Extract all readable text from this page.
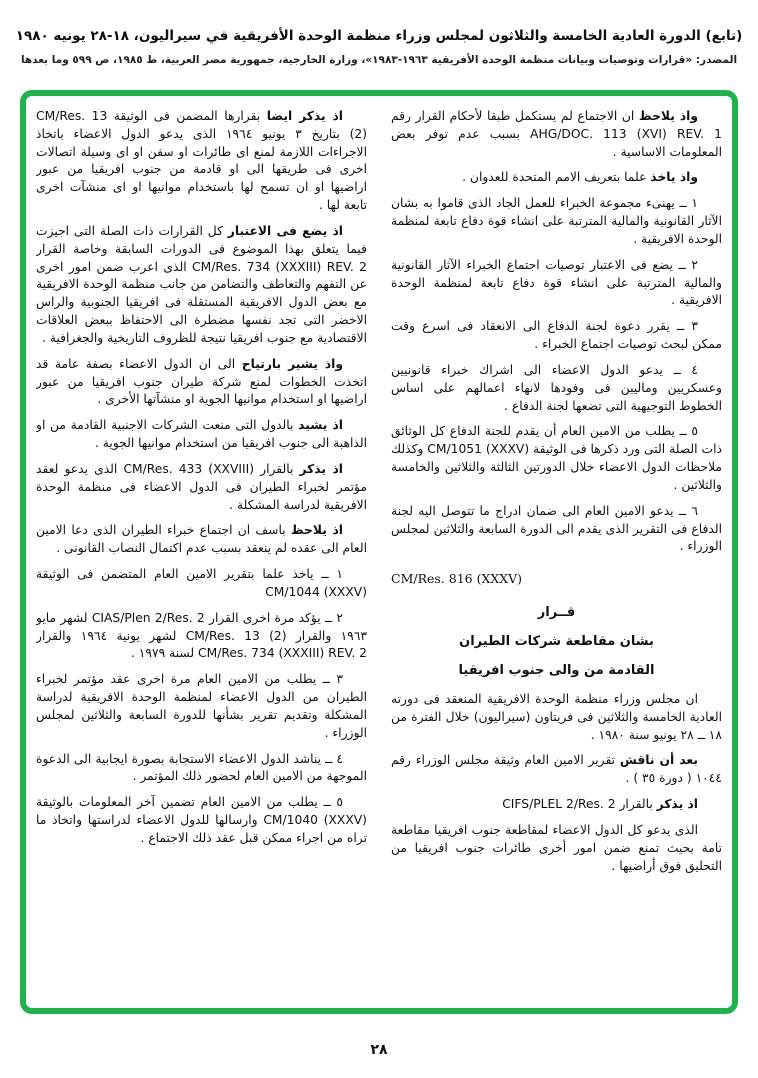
(تابع) الدورة العادية الخامسة والثلاثون لمجلس وزراء منظمة الوحدة الأفريقية في سيراليون، ١٨-٢٨ يونيه ١٩٨٠
المصدر: «قرارات وتوصيات وبيانات منظمة الوحدة الأفريقية ١٩٦٣-١٩٨٣»، وزارة الخارجية، جمهورية مصر العربية، ط ١٩٨٥، ص ٥٩٩ وما بعدها

واذ يلاحظ ان الاجتماع لم يستكمل طبقا لأحكام القرار رقم AHG/DOC. 113 (XVI) REV. 1 بسبب عدم توفر بعض المعلومات الاساسية .

واذ ياخذ علما بتعريف الامم المتحدة للعدوان .

١ ــ يهنىء مجموعة الخبراء للعمل الجاد الذى قاموا به بشان الآثار القانونية والمالية المترتبة على انشاء قوة دفاع تابعة لمنظمة الوحدة الافريقية .

٢ ــ يضع فى الاعتبار توصيات اجتماع الخبراء الآثار القانونية والمالية المترتبة على انشاء قوة دفاع تابعة لمنظمة الوحدة الافريقية .

٣ ــ يقرر دعوة لجنة الدفاع الى الانعقاد فى اسرع وقت ممكن لبحث توصيات اجتماع الخبراء .

٤ ــ يدعو الدول الاعضاء الى اشراك خبراء قانونيين وعسكريين وماليين فى وفودها لانهاء اعمالهم على اساس الخطوط التوجيهية التى تضعها لجنة الدفاع .

٥ ــ يطلب من الامين العام أن يقدم للجنة الدفاع كل الوثائق ذات الصلة التى ورد ذكرها فى الوثيقة CM/1051 (XXXV) وكذلك ملاحظات الدول الاعضاء خلال الدورتين الثالثة والثلاثين والخامسة والثلاثين .

٦ ــ يدعو الامين العام الى ضمان ادراج ما تتوصل اليه لجنة الدفاع فى التقرير الذى يقدم الى الدورة السابعة والثلاثين لمجلس الوزراء .

CM/Res. 816 (XXXV)

قــرار

بشان مقاطعة شركات الطيران

القادمة من والى جنوب افريقيا

ان مجلس وزراء منظمة الوحدة الافريقية المنعقد فى دورته العادية الخامسة والثلاثين فى فريتاون (سيراليون) خلال الفترة من ١٨ ــ ٢٨ يونيو سنة ١٩٨٠ .

بعد أن ناقش تقرير الامين العام وثيقة مجلس الوزراء رقم ١٠٤٤ ( دورة ٣٥ ) .

اذ يذكر بالقرار CIFS/PLEL 2/Res. 2

الذى يدعو كل الدول الاعضاء لمقاطعة جنوب افريقيا مقاطعة تامة بحيث تمنع ضمن امور أخرى طائرات جنوب افريقيا من التحليق فوق أراضيها .

اذ يذكر ايضا بقرارها المضمن فى الوثيقة CM/Res. 13 (2) بتاريخ ٣ يونيو ١٩٦٤ الذى يدعو الدول الاعضاء باتخاذ الاجراءات اللازمة لمنع اى طائرات او سفن او اى وسيلة اتصالات اخرى فى طريقها الى او قادمة من جنوب افريقيا من عبور اراضيها او ان تسمح لها باستخدام موانيها او اى منشآت اخرى تابعة لها .

اذ يضع فى الاعتبار كل القرارات ذات الصلة التى اجيزت فيما يتعلق بهذا الموضوع فى الدورات السابقة وخاصة القرار CM/Res. 734 (XXXIII) REV. 2 الذى اعرب ضمن امور اخرى عن التفهم والتعاطف والتضامن من جانب منظمة الوحدة الافريقية مع بعض الدول الافريقية المستقلة فى افريقيا الجنوبية والراس الاخضر التى تجد نفسها مضطرة الى الاحتفاظ ببعض العلاقات الاقتصادية مع جنوب افريقيا نتيجة للظروف التاريخية والجغرافية .

واذ يشير بارتياح الى ان الدول الاعضاء بصفة عامة قد اتخذت الخطوات لمنع شركة طيران جنوب افريقيا من عبور اراضيها او استخدام موانيها الجوية او منشآتها الأخرى .

اذ يشيد بالدول التى منعت الشركات الاجنبية القادمة من او الذاهبة الى جنوب افريقيا من استخدام موانيها الجوية .

اذ يذكر بالقرار CM/Res. 433 (XXVIII) الذى يدعو لعقد مؤتمر لخبراء الطيران فى الدول الاعضاء فى منظمة الوحدة الافريقية لدراسة المشكلة .

اذ يلاحظ باسف ان اجتماع خبراء الطيران الذى دعا الامين العام الى عقده لم ينعقد بسبب عدم اكتمال النصاب القانونى .

١ ــ ياخذ علما بتقرير الامين العام المتضمن فى الوثيقة CM/1044 (XXXV)

٢ ــ يؤكد مرة اخرى القرار CIAS/Plen 2/Res. 2 لشهر مايو ١٩٦٣ والقرار CM/Res. 13 (2) لشهر يونية ١٩٦٤ والقرار CM/Res. 734 (XXXIII) REV. 2 لسنة ١٩٧٩ .

٣ ــ يطلب من الامين العام مرة اخرى عقد مؤتمر لخبراء الطيران من الدول الاعضاء لمنظمة الوحدة الافريقية لدراسة المشكلة وتقديم تقرير بشأنها للدورة السابعة والثلاثين لمجلس الوزراء .

٤ ــ يناشد الدول الاعضاء الاستجابة بصورة ايجابية الى الدعوة الموجهة من الامين العام لحضور ذلك المؤتمر .

٥ ــ يطلب من الامين العام تضمين آخر المعلومات بالوثيقة CM/1040 (XXXV) وارسالها للدول الاعضاء لدراستها واتخاذ ما تراه من اجراء ممكن قبل عقد ذلك الاجتماع .

٢٨
